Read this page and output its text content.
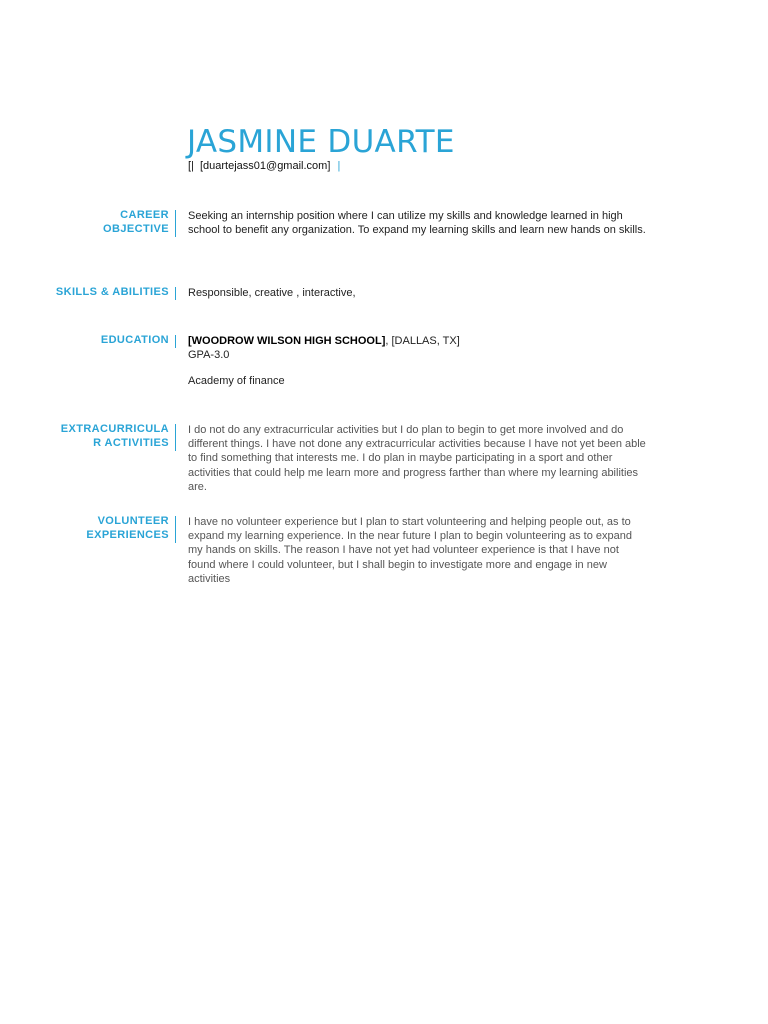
JASMINE DUARTE
[| [duartejass01@gmail.com] |
CAREER
OBJECTIVE
Seeking an internship position where I can utilize my skills and knowledge learned in high school to benefit any organization. To expand my learning skills and learn new hands on skills.
SKILLS & ABILITIES Responsible, creative , interactive,
EDUCATION [WOODROW WILSON HIGH SCHOOL], [DALLAS, TX]

GPA-3.0

Academy of finance

EXTRACURRICULA
R ACTIVITIES
I do not do any extracurricular activities but I do plan to begin to get more involved and do different things. I have not done any extracurricular activities because I have not yet been able to find something that interests me. I do plan in maybe participating in a sport and other activities that could help me learn more and progress farther than where my learning abilities are.
VOLUNTEER
EXPERIENCES
I have no volunteer experience but I plan to start volunteering and helping people out, as to expand my learning experience. In the near future I plan to begin volunteering as to expand my hands on skills. The reason I have not yet had volunteer experience is that I have not found where I could volunteer, but I shall begin to investigate more and engage in new activities
